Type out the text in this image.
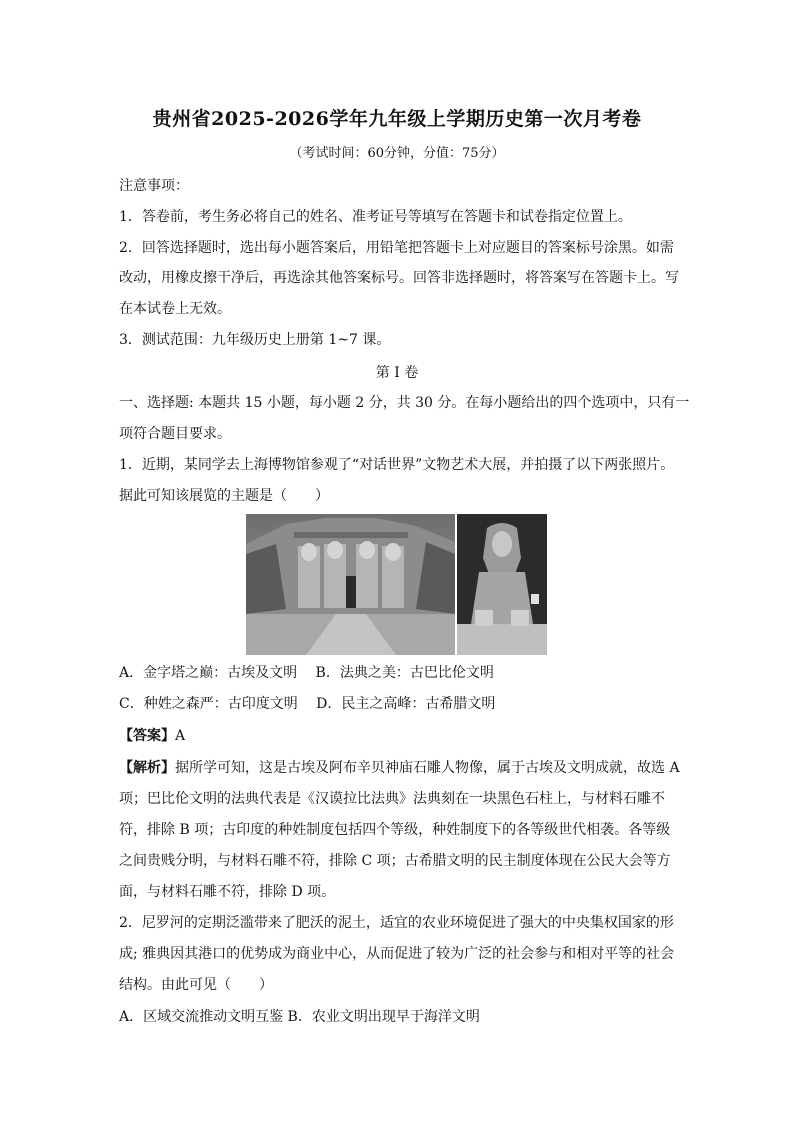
贵州省2025-2026学年九年级上学期历史第一次月考卷
（考试时间：60分钟，分值：75分）
注意事项：
1．答卷前，考生务必将自己的姓名、准考证号等填写在答题卡和试卷指定位置上。
2．回答选择题时，选出每小题答案后，用铅笔把答题卡上对应题目的答案标号涂黑。如需
改动，用橡皮擦干净后，再选涂其他答案标号。回答非选择题时，将答案写在答题卡上。写
在本试卷上无效。
3．测试范围：九年级历史上册第 1~7 课。
第 I 卷
一、选择题: 本题共 15 小题，每小题 2 分，共 30 分。在每小题给出的四个选项中，只有一
项符合题目要求。
1．近期，某同学去上海博物馆参观了“对话世界”文物艺术大展，并拍摄了以下两张照片。
据此可知该展览的主题是（　　）
A．金字塔之巅：古埃及文明　 B．法典之美：古巴比伦文明
C．种姓之森严：古印度文明　 D．民主之高峰：古希腊文明
【答案】A
【解析】据所学可知，这是古埃及阿布辛贝神庙石雕人物像，属于古埃及文明成就，故选 A
项；巴比伦文明的法典代表是《汉谟拉比法典》法典刻在一块黑色石柱上，与材料石雕不
符，排除 B 项；古印度的种姓制度包括四个等级，种姓制度下的各等级世代相袭。各等级
之间贵贱分明，与材料石雕不符，排除 C 项；古希腊文明的民主制度体现在公民大会等方
面，与材料石雕不符，排除 D 项。
2．尼罗河的定期泛滥带来了肥沃的泥土，适宜的农业环境促进了强大的中央集权国家的形
成; 雅典因其港口的优势成为商业中心，从而促进了较为广泛的社会参与和相对平等的社会
结构。由此可见（　　）
A．区域交流推动文明互鉴 B．农业文明出现早于海洋文明
